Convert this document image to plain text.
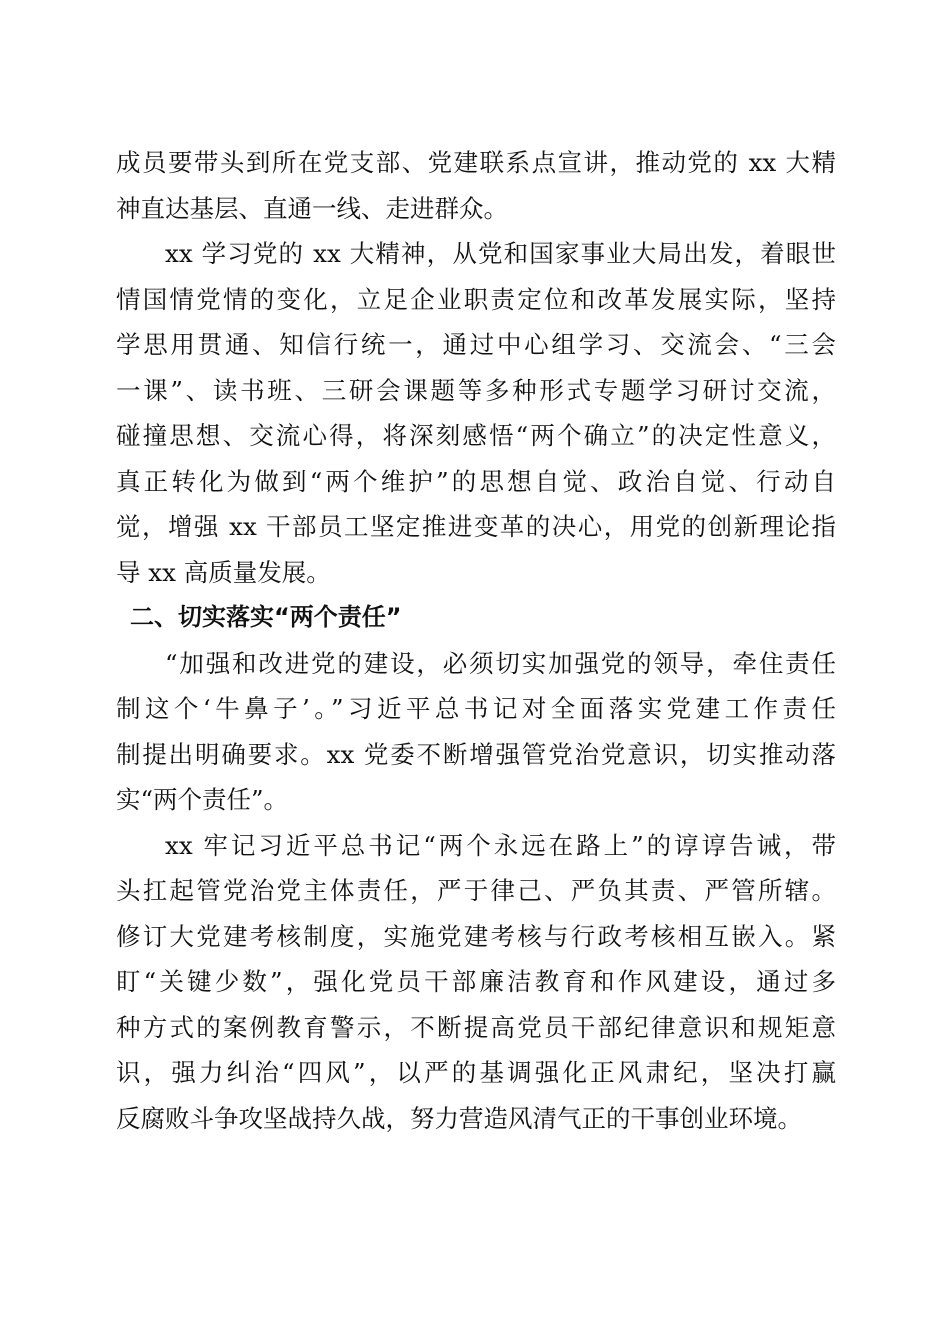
成员要带头到所在党支部、党建联系点宣讲，推动党的 xx 大精
神直达基层、直通一线、走进群众。
xx 学习党的 xx 大精神，从党和国家事业大局出发，着眼世
情国情党情的变化，立足企业职责定位和改革发展实际，坚持
学思用贯通、知信行统一，通过中心组学习、交流会、“三会
一课”、读书班、三研会课题等多种形式专题学习研讨交流，
碰撞思想、交流心得，将深刻感悟“两个确立”的决定性意义，
真正转化为做到“两个维护”的思想自觉、政治自觉、行动自
觉，增强 xx 干部员工坚定推进变革的决心，用党的创新理论指
导 xx 高质量发展。
二、切实落实“两个责任”
“加强和改进党的建设，必须切实加强党的领导，牵住责任
制这个‘牛鼻子’。”习近平总书记对全面落实党建工作责任
制提出明确要求。xx 党委不断增强管党治党意识，切实推动落
实“两个责任”。
xx 牢记习近平总书记“两个永远在路上”的谆谆告诫，带
头扛起管党治党主体责任，严于律己、严负其责、严管所辖。
修订大党建考核制度，实施党建考核与行政考核相互嵌入。紧
盯“关键少数”，强化党员干部廉洁教育和作风建设，通过多
种方式的案例教育警示，不断提高党员干部纪律意识和规矩意
识，强力纠治“四风”，以严的基调强化正风肃纪，坚决打赢
反腐败斗争攻坚战持久战，努力营造风清气正的干事创业环境。
